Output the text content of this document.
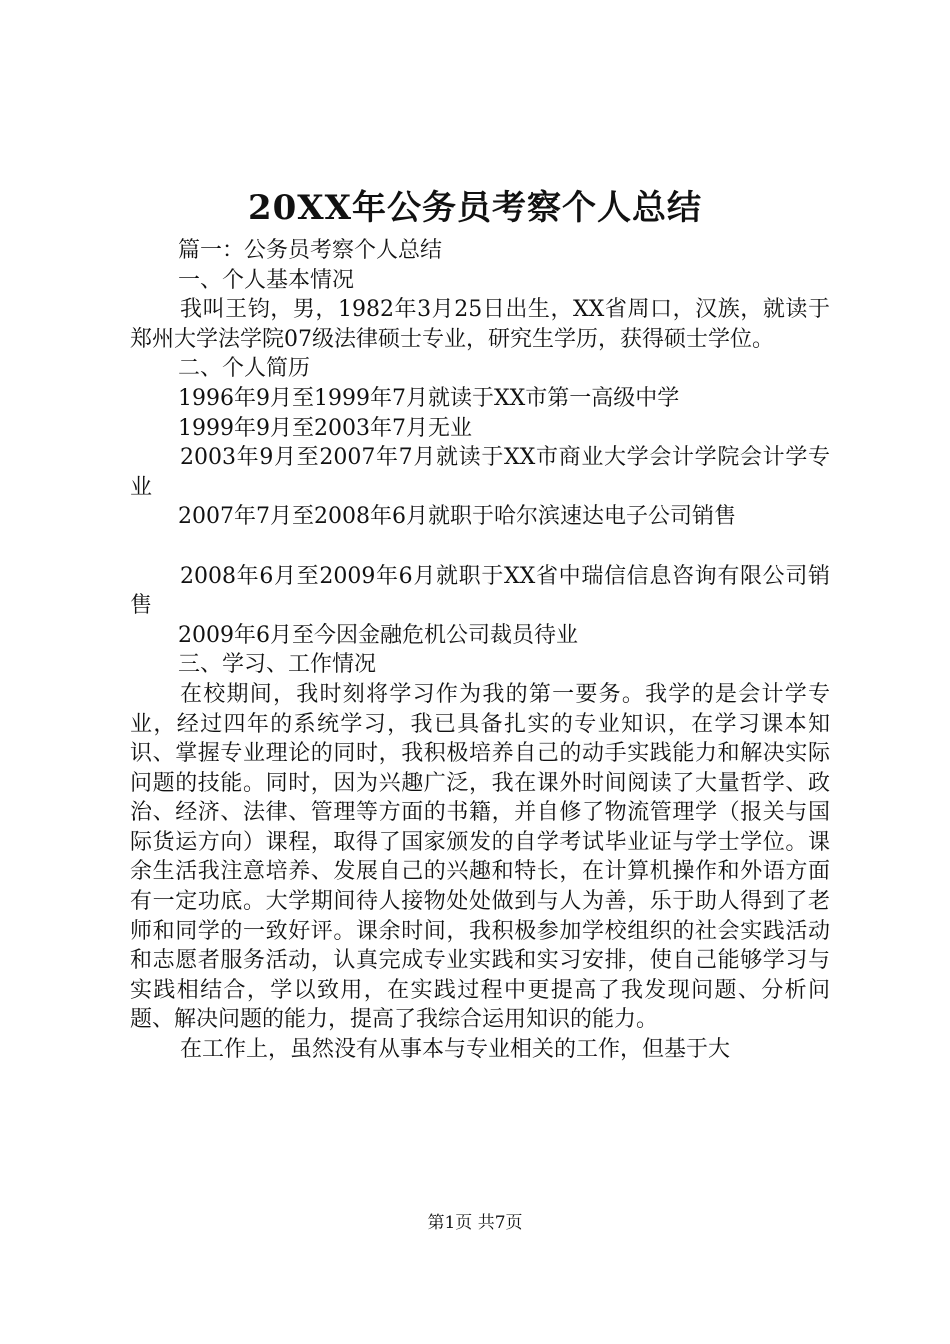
20XX年公务员考察个人总结

篇一：公务员考察个人总结

一、个人基本情况

我叫王钧，男，1982年3月25日出生，XX省周口，汉族，就读于郑州大学法学院07级法律硕士专业，研究生学历，获得硕士学位。

二、个人简历

1996年9月至1999年7月就读于XX市第一高级中学

1999年9月至2003年7月无业

2003年9月至2007年7月就读于XX市商业大学会计学院会计学专业

2007年7月至2008年6月就职于哈尔滨速达电子公司销售

2008年6月至2009年6月就职于XX省中瑞信信息咨询有限公司销售

2009年6月至今因金融危机公司裁员待业

三、学习、工作情况

在校期间，我时刻将学习作为我的第一要务。我学的是会计学专业，经过四年的系统学习，我已具备扎实的专业知识，在学习课本知识、掌握专业理论的同时，我积极培养自己的动手实践能力和解决实际问题的技能。同时，因为兴趣广泛，我在课外时间阅读了大量哲学、政治、经济、法律、管理等方面的书籍，并自修了物流管理学（报关与国际货运方向）课程，取得了国家颁发的自学考试毕业证与学士学位。课余生活我注意培养、发展自己的兴趣和特长，在计算机操作和外语方面有一定功底。大学期间待人接物处处做到与人为善，乐于助人得到了老师和同学的一致好评。课余时间，我积极参加学校组织的社会实践活动和志愿者服务活动，认真完成专业实践和实习安排，使自己能够学习与实践相结合，学以致用，在实践过程中更提高了我发现问题、分析问题、解决问题的能力，提高了我综合运用知识的能力。

在工作上，虽然没有从事本与专业相关的工作，但基于大

第1页 共7页
